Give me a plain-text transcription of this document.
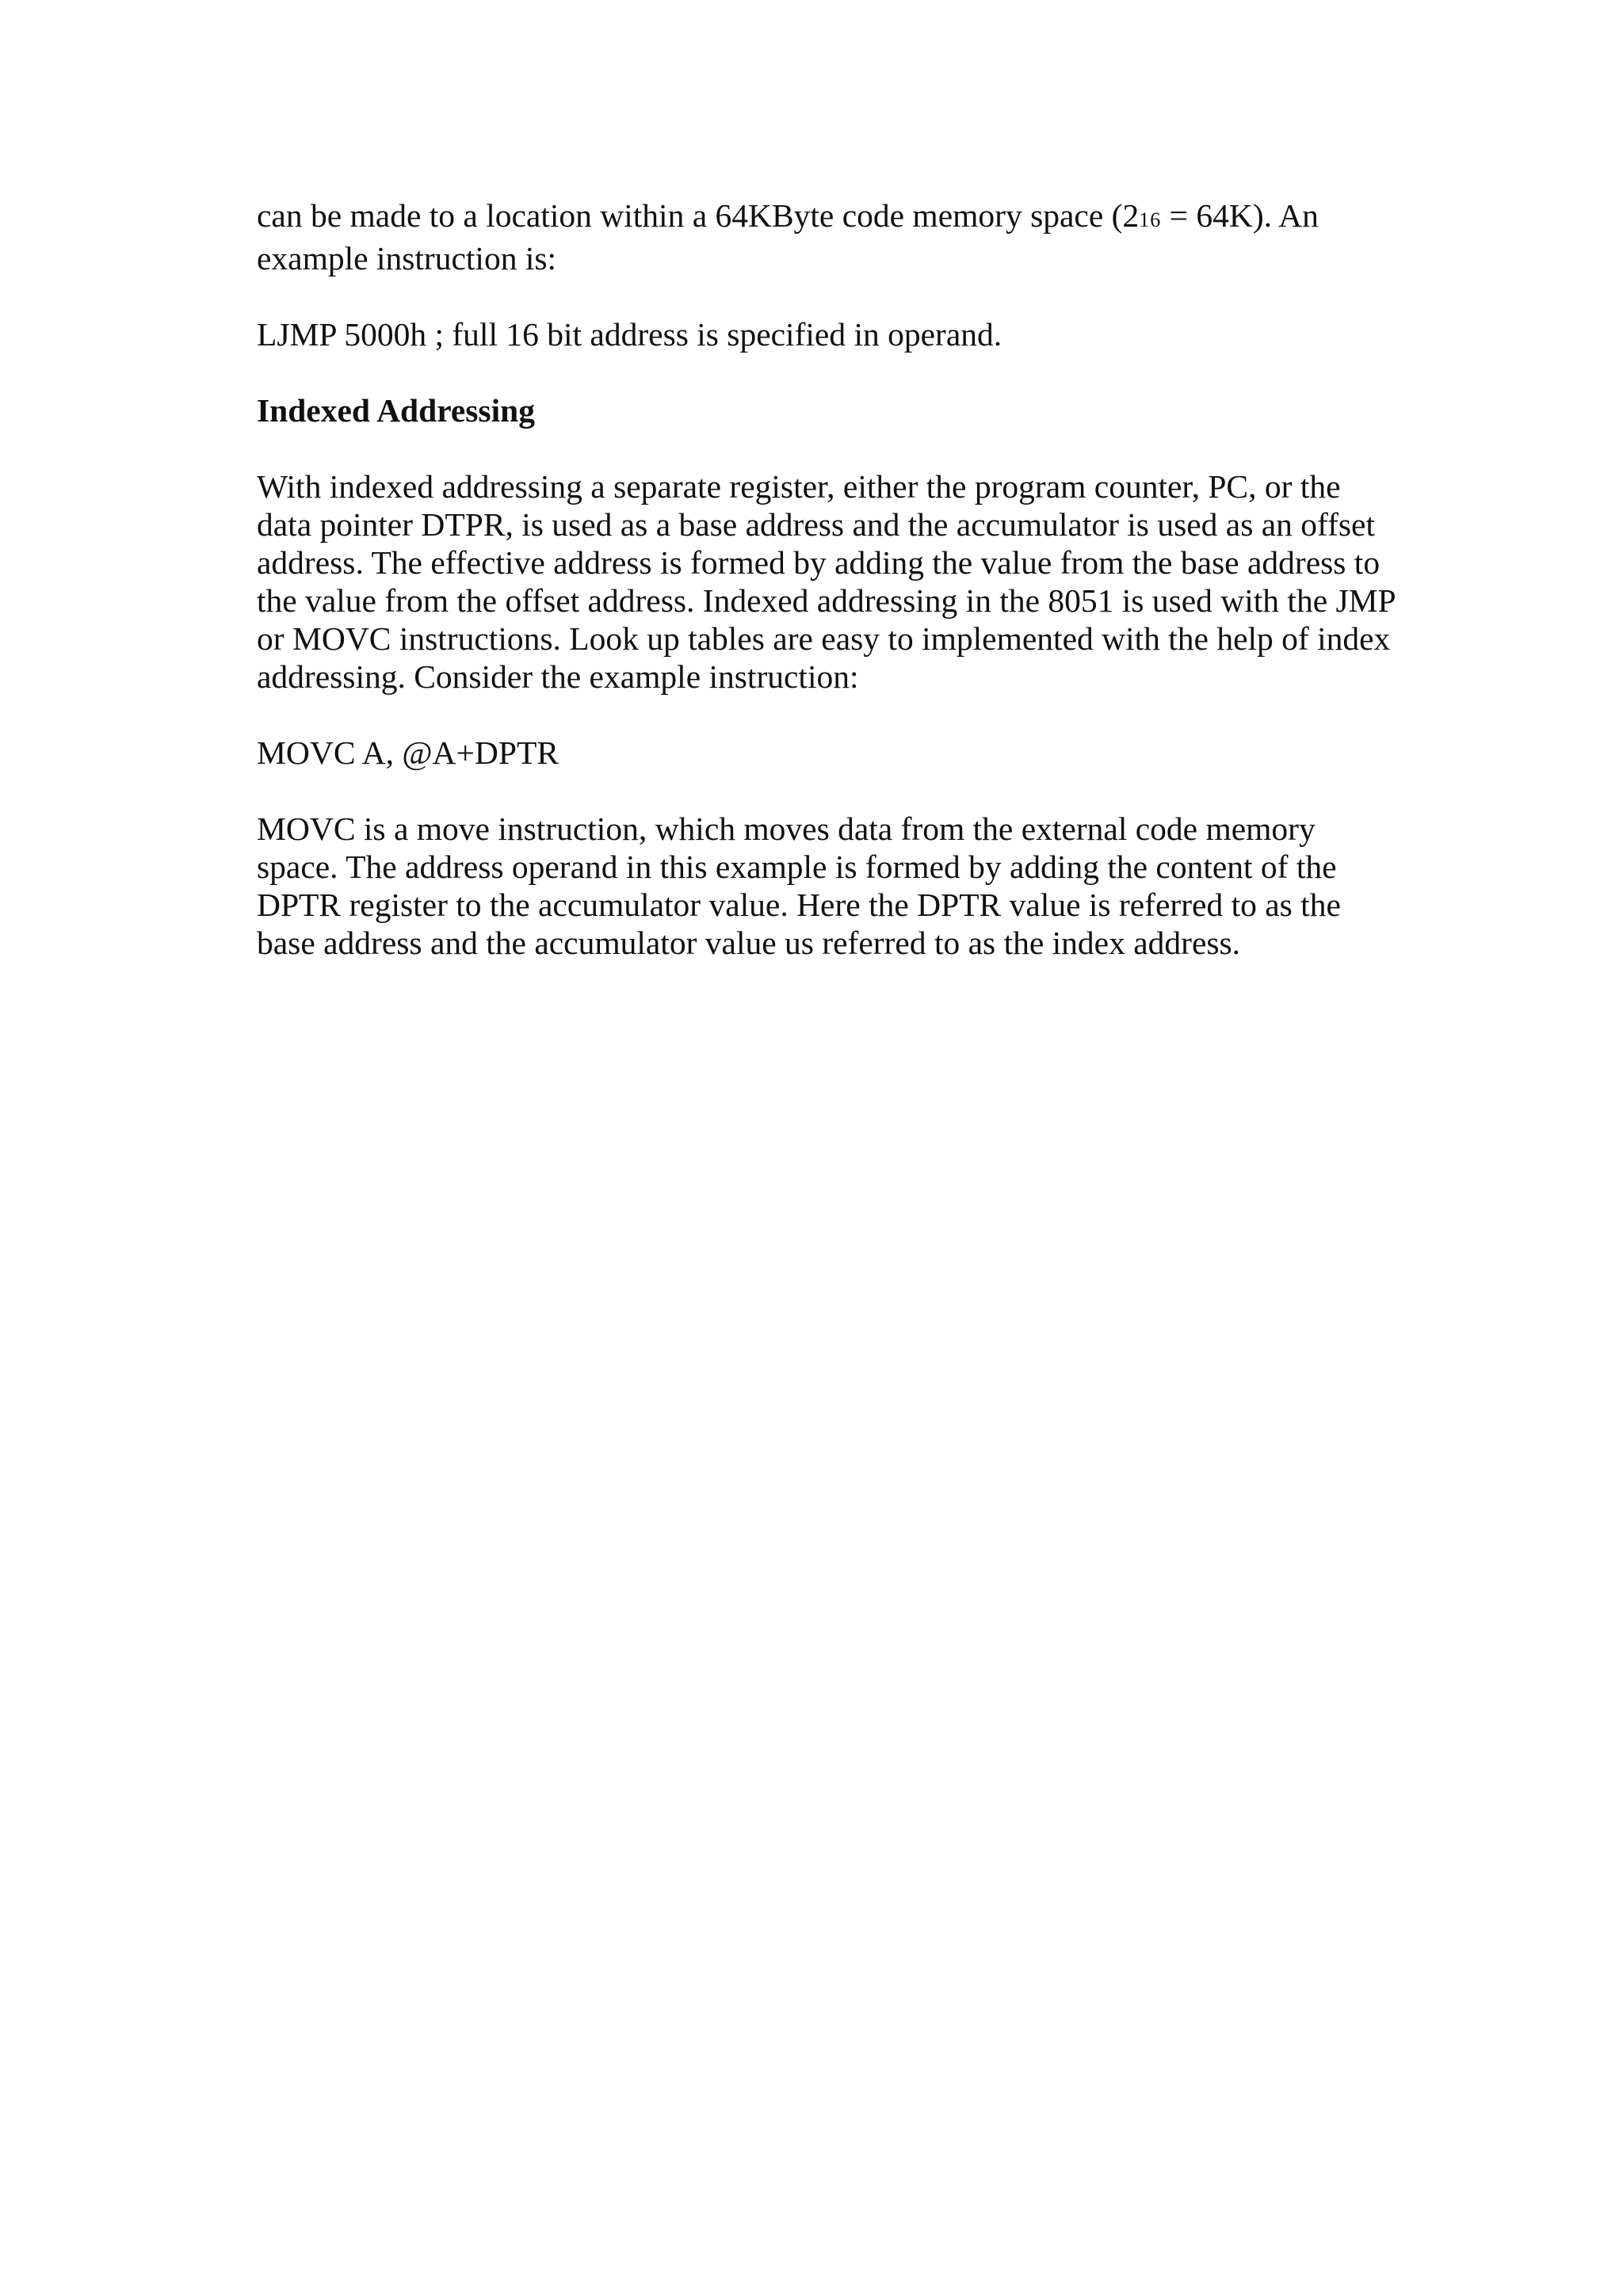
can be made to a location within a 64KByte code memory space (216 = 64K). An example instruction is:

LJMP 5000h ; full 16 bit address is specified in operand.

Indexed Addressing

With indexed addressing a separate register, either the program counter, PC, or the data pointer DTPR, is used as a base address and the accumulator is used as an offset address. The effective address is formed by adding the value from the base address to the value from the offset address. Indexed addressing in the 8051 is used with the JMP or MOVC instructions. Look up tables are easy to implemented with the help of index addressing. Consider the example instruction:

MOVC A, @A+DPTR

MOVC is a move instruction, which moves data from the external code memory space. The address operand in this example is formed by adding the content of the DPTR register to the accumulator value. Here the DPTR value is referred to as the base address and the accumulator value us referred to as the index address.
